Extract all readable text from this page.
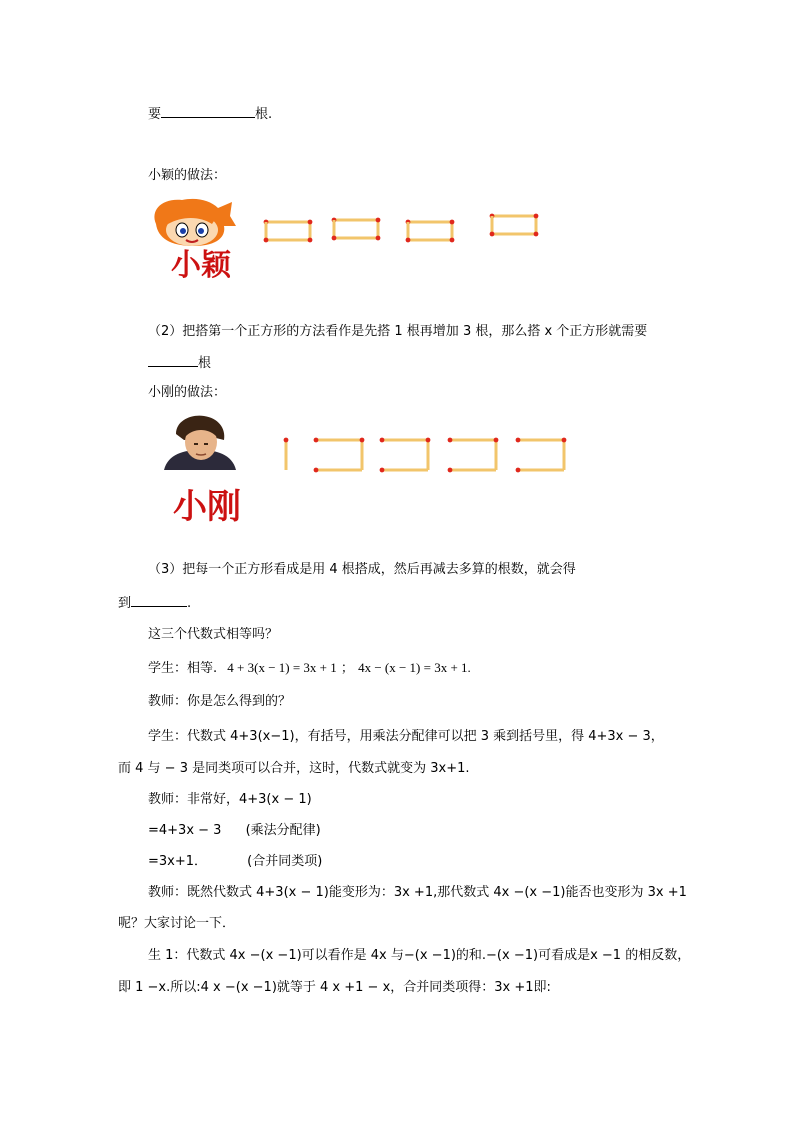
要	根.
小颖的做法：
小颖
（2）把搭第一个正方形的方法看作是先搭 1 根再增加 3 根，那么搭 x 个正方形就需要
根
小刚的做法：
小刚
（3）把每一个正方形看成是用 4 根搭成，然后再减去多算的根数，就会得
到	.
这三个代数式相等吗？
学生：相等. 4 + 3(x − 1) = 3x + 1 ； 4x − (x − 1) = 3x + 1.
教师：你是怎么得到的？
学生：代数式 4+3(x−1)，有括号，用乘法分配律可以把 3 乘到括号里，得 4+3x − 3，
而 4 与 − 3 是同类项可以合并，这时，代数式就变为 3x+1.
教师：非常好，4+3(x − 1)
=4+3x − 3 (乘法分配律)
=3x+1．	(合并同类项)
教师：既然代数式 4+3(x − 1)能变形为：3x +1,那代数式 4x −(x −1)能否也变形为 3x +1
呢？大家讨论一下．
生 1：代数式 4x −(x −1)可以看作是 4x 与−(x −1)的和.−(x −1)可看成是x −1 的相反数，
即 1 −x.所以:4 x −(x −1)就等于 4 x +1 − x，合并同类项得：3x +1即:
